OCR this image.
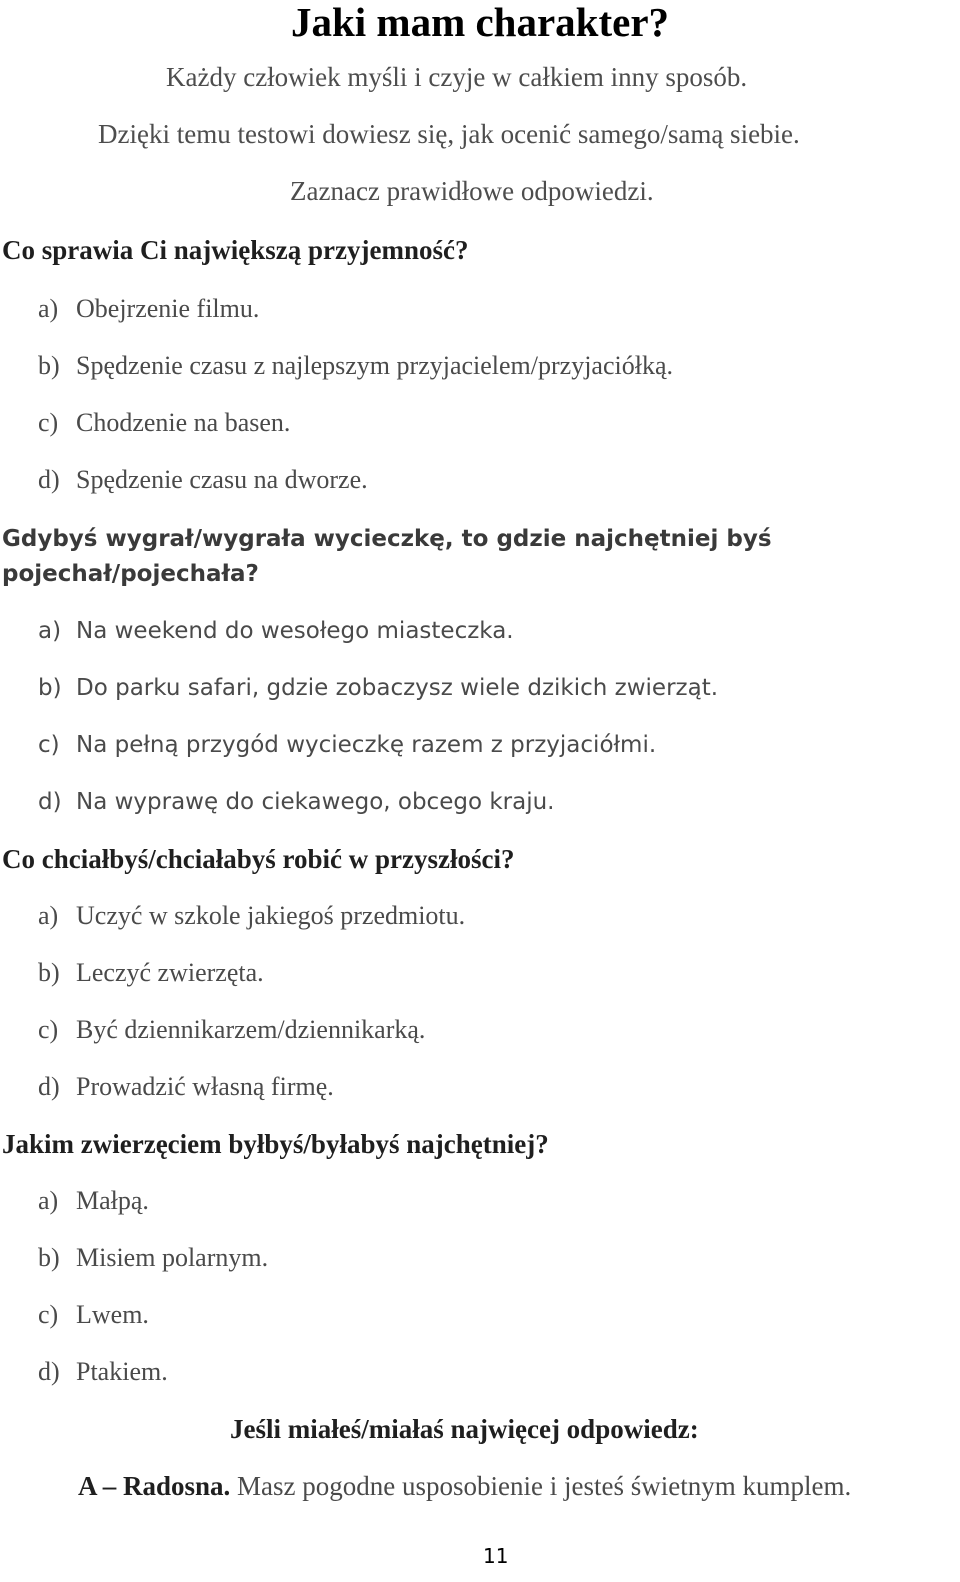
Jaki mam charakter?

Każdy człowiek myśli i czyje w całkiem inny sposób.

Dzięki temu testowi dowiesz się, jak ocenić samego/samą siebie.

Zaznacz prawidłowe odpowiedzi.

Co sprawia Ci największą przyjemność?

a) Obejrzenie filmu.
b) Spędzenie czasu z najlepszym przyjacielem/przyjaciółką.
c) Chodzenie na basen.
d) Spędzenie czasu na dworze.

Gdybyś wygrał/wygrała wycieczkę, to gdzie najchętniej byś

pojechał/pojechała?

a) Na weekend do wesołego miasteczka.
b) Do parku safari, gdzie zobaczysz wiele dzikich zwierząt.
c) Na pełną przygód wycieczkę razem z przyjaciółmi.
d) Na wyprawę do ciekawego, obcego kraju.

Co chciałbyś/chciałabyś robić w przyszłości?

a) Uczyć w szkole jakiegoś przedmiotu.
b) Leczyć zwierzęta.
c) Być dziennikarzem/dziennikarką.
d) Prowadzić własną firmę.

Jakim zwierzęciem byłbyś/byłabyś najchętniej?

a) Małpą.
b) Misiem polarnym.
c) Lwem.
d) Ptakiem.

Jeśli miałeś/miałaś najwięcej odpowiedz:

A – Radosna. Masz pogodne usposobienie i jesteś świetnym kumplem.

11
